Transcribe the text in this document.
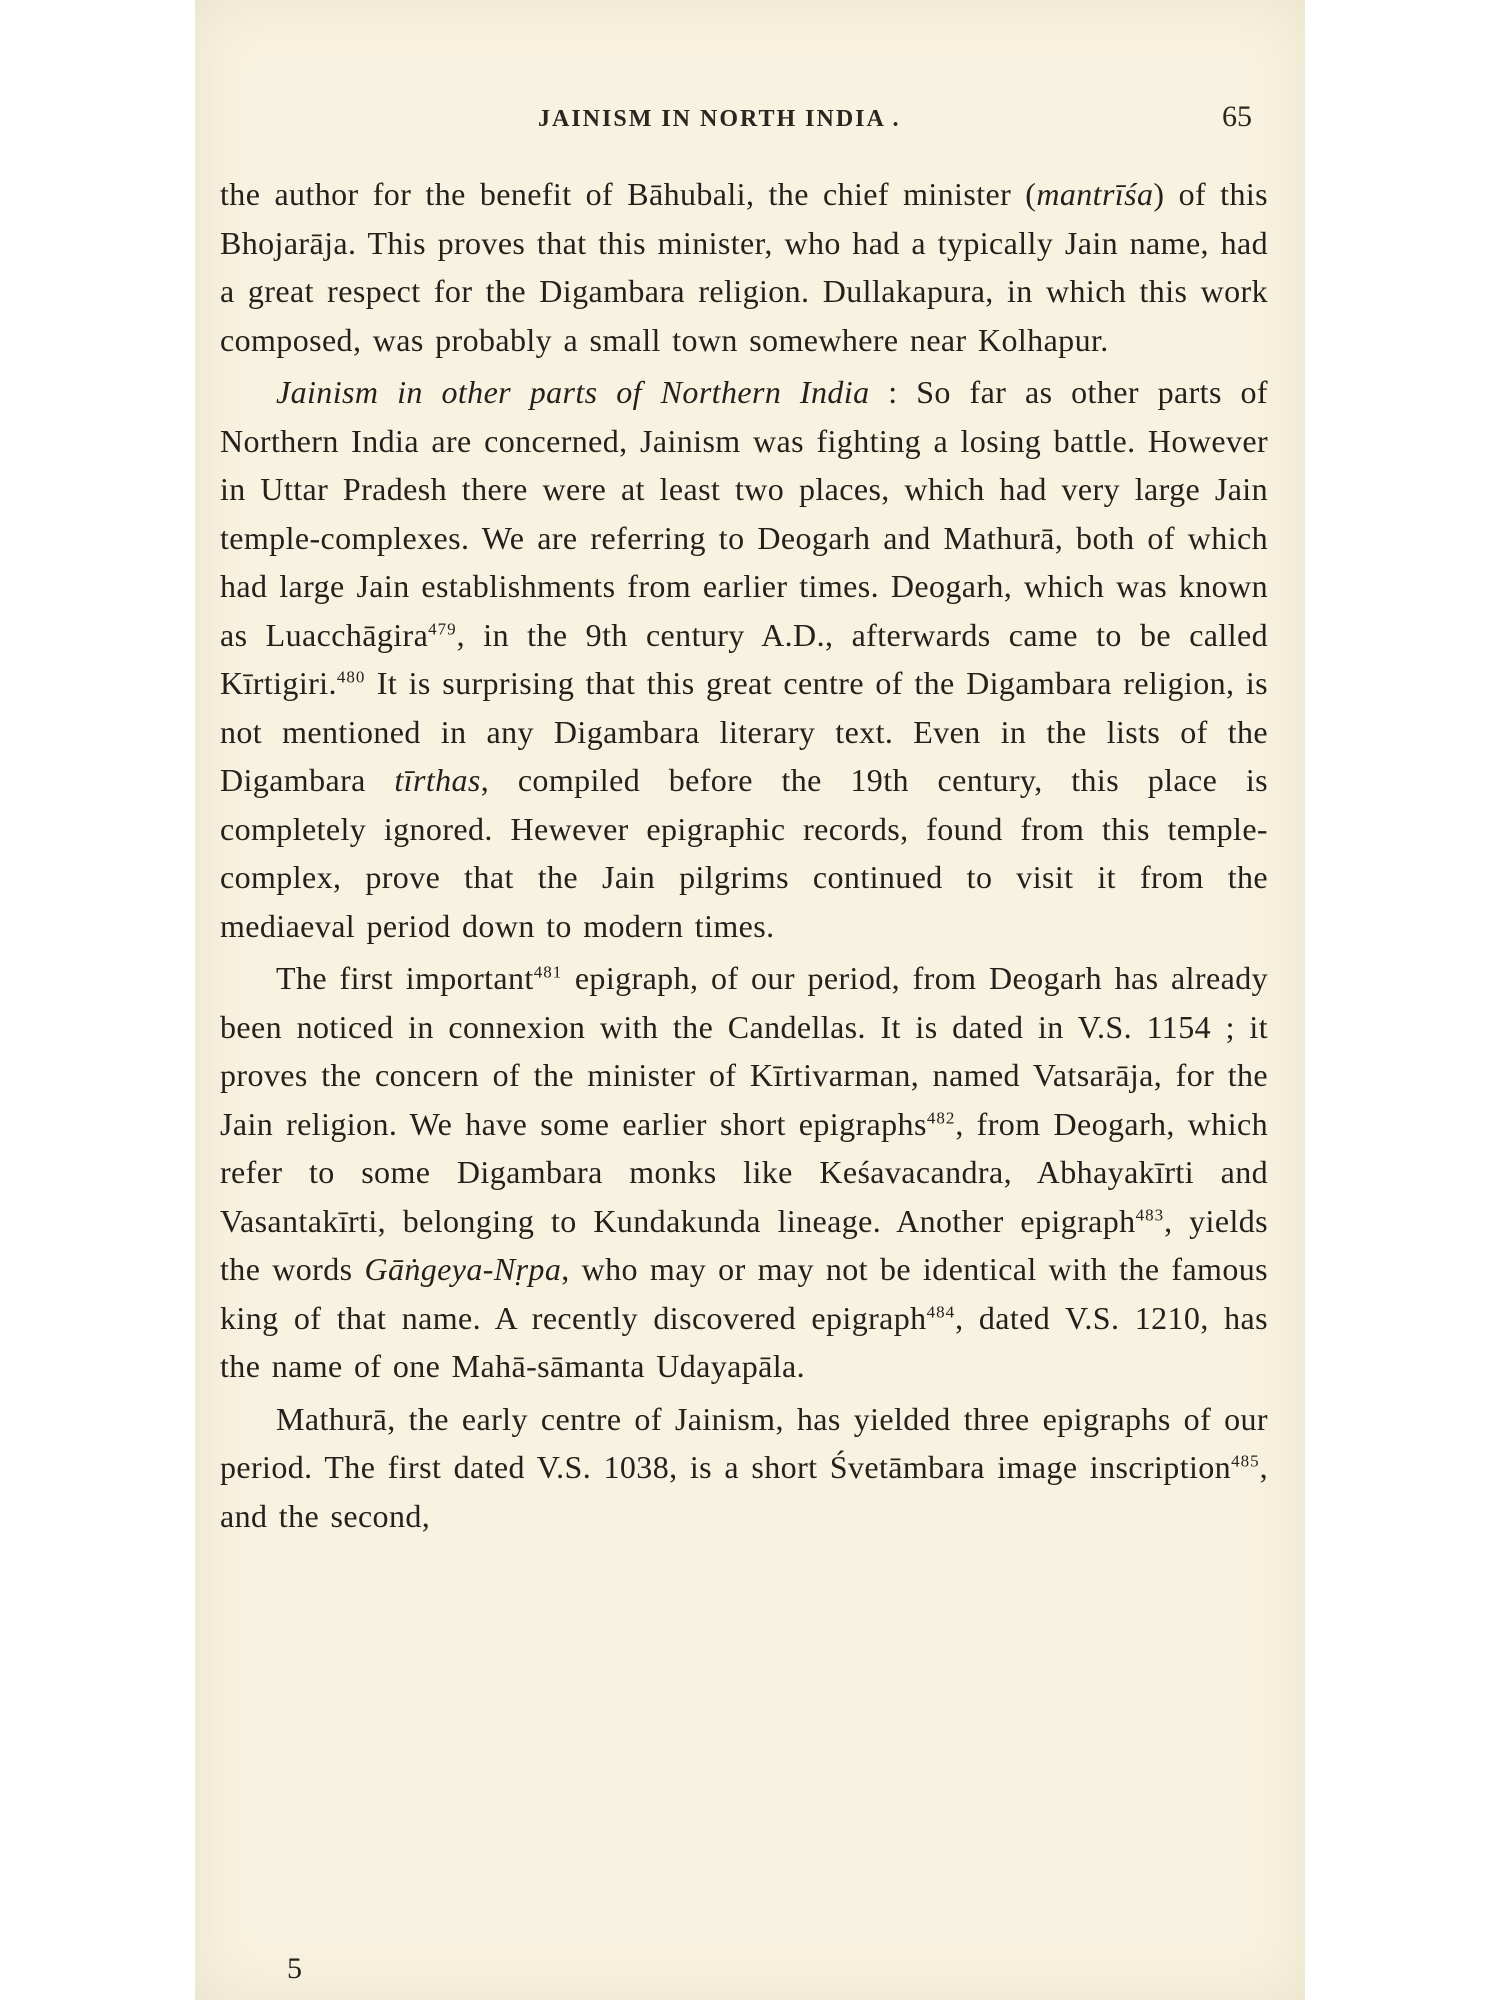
JAINISM IN NORTH INDIA .	65

the author for the benefit of Bāhubali, the chief minister (mantrīśa) of this Bhojarāja. This proves that this minister, who had a typically Jain name, had a great respect for the Digambara religion. Dullakapura, in which this work composed, was probably a small town somewhere near Kolhapur.

Jainism in other parts of Northern India : So far as other parts of Northern India are concerned, Jainism was fighting a losing battle. However in Uttar Pradesh there were at least two places, which had very large Jain temple-complexes. We are referring to Deogarh and Mathurā, both of which had large Jain establishments from earlier times. Deogarh, which was known as Luacchāgira$^{479}$, in the 9th century A.D., afterwards came to be called Kīrtigiri.$^{480}$ It is surprising that this great centre of the Digambara religion, is not mentioned in any Digambara literary text. Even in the lists of the Digambara tīrthas, compiled before the 19th century, this place is completely ignored. Hewever epigraphic records, found from this temple-complex, prove that the Jain pilgrims continued to visit it from the mediaeval period down to modern times.

The first important$^{481}$ epigraph, of our period, from Deogarh has already been noticed in connexion with the Candellas. It is dated in V.S. 1154 ; it proves the concern of the minister of Kīrtivarman, named Vatsarāja, for the Jain religion. We have some earlier short epigraphs$^{482}$, from Deogarh, which refer to some Digambara monks like Keśavacandra, Abhayakīrti and Vasantakīrti, belonging to Kundakunda lineage. Another epigraph$^{483}$, yields the words Gāṅgeya-Nṛpa, who may or may not be identical with the famous king of that name. A recently discovered epigraph$^{484}$, dated V.S. 1210, has the name of one Mahā-sāmanta Udayapāla.

Mathurā, the early centre of Jainism, has yielded three epigraphs of our period. The first dated V.S. 1038, is a short Śvetāmbara image inscription$^{485}$, and the second,

5
